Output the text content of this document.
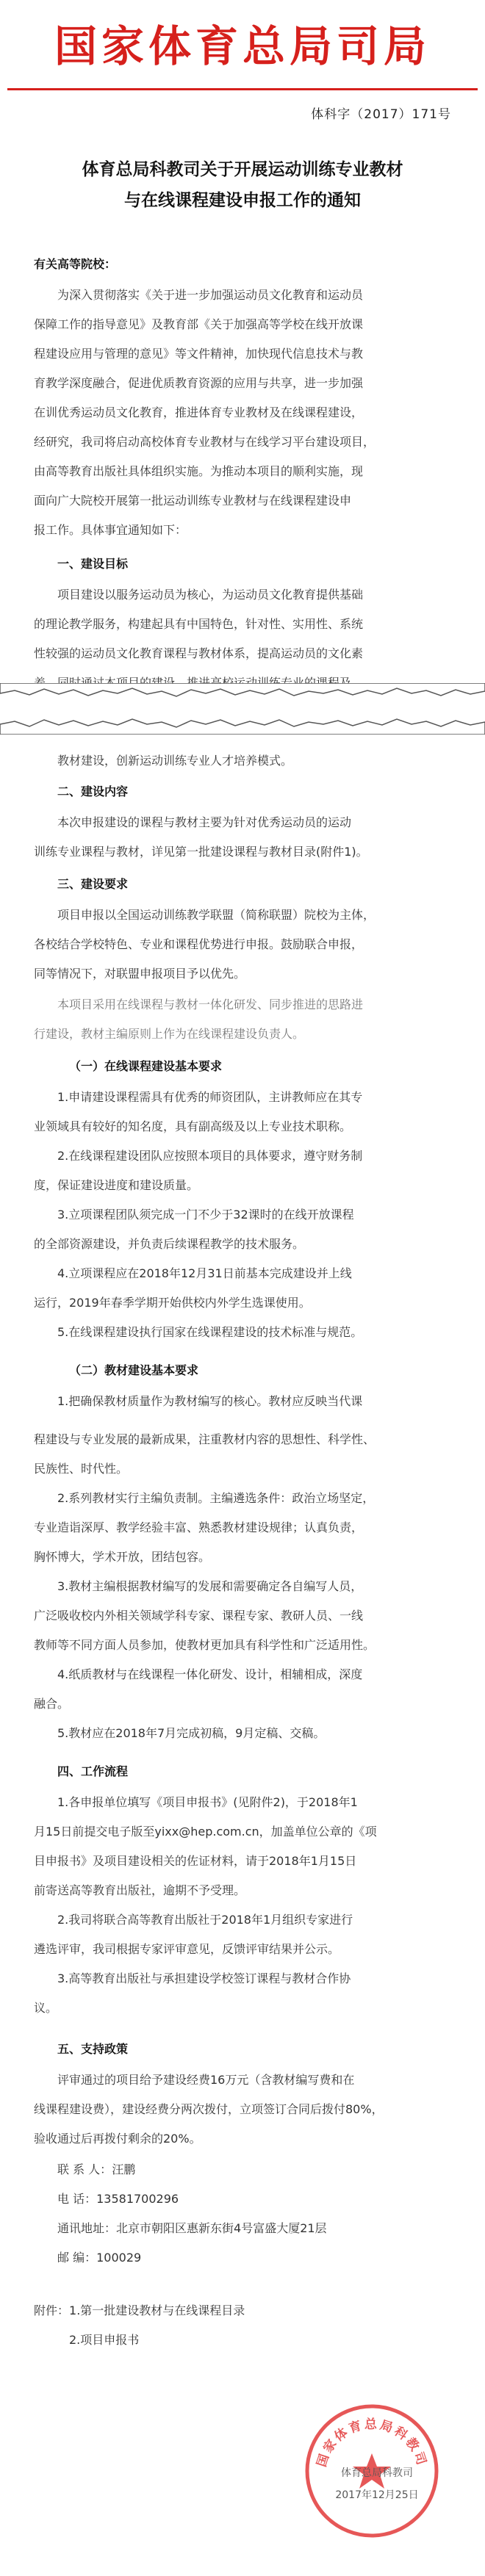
国家体育总局司局
体科字（2017）171号
体育总局科教司关于开展运动训练专业教材
与在线课程建设申报工作的通知
有关高等院校：
为深入贯彻落实《关于进一步加强运动员文化教育和运动员
保障工作的指导意见》及教育部《关于加强高等学校在线开放课
程建设应用与管理的意见》等文件精神，加快现代信息技术与教
育教学深度融合，促进优质教育资源的应用与共享，进一步加强
在训优秀运动员文化教育，推进体育专业教材及在线课程建设，
经研究，我司将启动高校体育专业教材与在线学习平台建设项目，
由高等教育出版社具体组织实施。为推动本项目的顺利实施，现
面向广大院校开展第一批运动训练专业教材与在线课程建设申
报工作。具体事宜通知如下：
一、建设目标
项目建设以服务运动员为核心，为运动员文化教育提供基础
的理论教学服务，构建起具有中国特色，针对性、实用性、系统
性较强的运动员文化教育课程与教材体系，提高运动员的文化素
教材建设，创新运动训练专业人才培养模式。
二、建设内容
本次申报建设的课程与教材主要为针对优秀运动员的运动
训练专业课程与教材，详见第一批建设课程与教材目录(附件1)。
三、建设要求
项目申报以全国运动训练教学联盟（简称联盟）院校为主体，
各校结合学校特色、专业和课程优势进行申报。鼓励联合申报，
同等情况下，对联盟申报项目予以优先。
本项目采用在线课程与教材一体化研发、同步推进的思路进
行建设，教材主编原则上作为在线课程建设负责人。
（一）在线课程建设基本要求
1.申请建设课程需具有优秀的师资团队，主讲教师应在其专
业领域具有较好的知名度，具有副高级及以上专业技术职称。
2.在线课程建设团队应按照本项目的具体要求，遵守财务制
度，保证建设进度和建设质量。
3.立项课程团队须完成一门不少于32课时的在线开放课程
的全部资源建设，并负责后续课程教学的技术服务。
4.立项课程应在2018年12月31日前基本完成建设并上线
运行，2019年春季学期开始供校内外学生选课使用。
5.在线课程建设执行国家在线课程建设的技术标准与规范。
（二）教材建设基本要求
1.把确保教材质量作为教材编写的核心。教材应反映当代课
程建设与专业发展的最新成果，注重教材内容的思想性、科学性、
民族性、时代性。
2.系列教材实行主编负责制。主编遴选条件：政治立场坚定，
专业造诣深厚、教学经验丰富、熟悉教材建设规律；认真负责，
胸怀博大，学术开放，团结包容。
3.教材主编根据教材编写的发展和需要确定各自编写人员，
广泛吸收校内外相关领域学科专家、课程专家、教研人员、一线
教师等不同方面人员参加，使教材更加具有科学性和广泛适用性。
4.纸质教材与在线课程一体化研发、设计，相辅相成，深度
融合。
5.教材应在2018年7月完成初稿，9月定稿、交稿。
四、工作流程
1.各申报单位填写《项目申报书》(见附件2)，于2018年1
月15日前提交电子版至yixx@hep.com.cn，加盖单位公章的《项
目申报书》及项目建设相关的佐证材料，请于2018年1月15日
前寄送高等教育出版社，逾期不予受理。
2.我司将联合高等教育出版社于2018年1月组织专家进行
遴选评审，我司根据专家评审意见，反馈评审结果并公示。
3.高等教育出版社与承担建设学校签订课程与教材合作协
议。
五、支持政策
评审通过的项目给予建设经费16万元（含教材编写费和在
线课程建设费），建设经费分两次拨付，立项签订合同后拨付80%，
验收通过后再拨付剩余的20%。
联 系 人：汪鹏
电 话：13581700296
通讯地址：北京市朝阳区惠新东街4号富盛大厦21层
邮 编：100029
附件：1.第一批建设教材与在线课程目录
2.项目申报书
国家体育总局科教司
体育总局科教司
2017年12月25日
